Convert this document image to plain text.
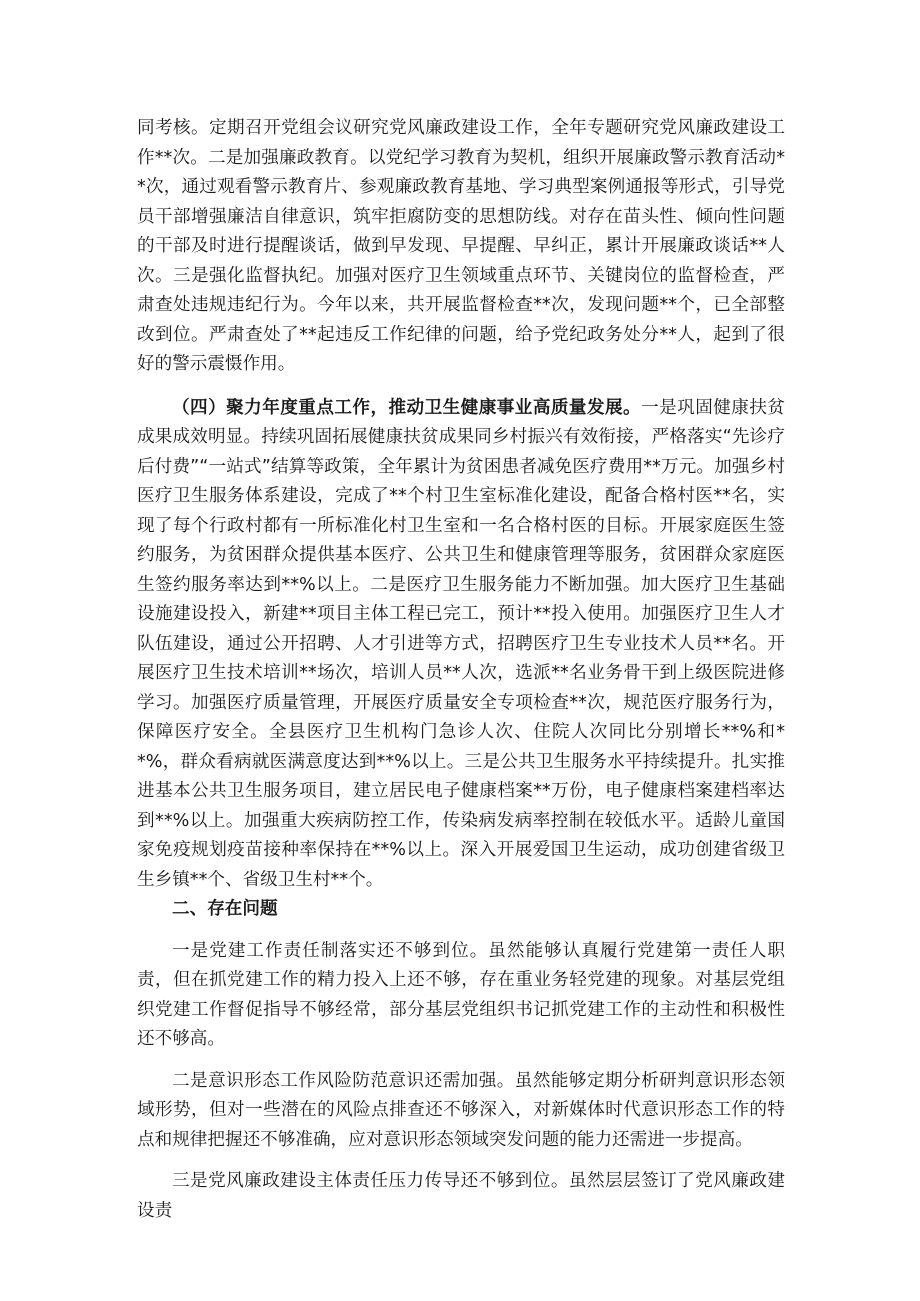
同考核。定期召开党组会议研究党风廉政建设工作，全年专题研究党风廉政建设工作**次。二是加强廉政教育。以党纪学习教育为契机，组织开展廉政警示教育活动**次，通过观看警示教育片、参观廉政教育基地、学习典型案例通报等形式，引导党员干部增强廉洁自律意识，筑牢拒腐防变的思想防线。对存在苗头性、倾向性问题的干部及时进行提醒谈话，做到早发现、早提醒、早纠正，累计开展廉政谈话**人次。三是强化监督执纪。加强对医疗卫生领域重点环节、关键岗位的监督检查，严肃查处违规违纪行为。今年以来，共开展监督检查**次，发现问题**个，已全部整改到位。严肃查处了**起违反工作纪律的问题，给予党纪政务处分**人，起到了很好的警示震慑作用。

（四）聚力年度重点工作，推动卫生健康事业高质量发展。一是巩固健康扶贫成果成效明显。持续巩固拓展健康扶贫成果同乡村振兴有效衔接，严格落实“先诊疗后付费”“一站式”结算等政策，全年累计为贫困患者减免医疗费用**万元。加强乡村医疗卫生服务体系建设，完成了**个村卫生室标准化建设，配备合格村医**名，实现了每个行政村都有一所标准化村卫生室和一名合格村医的目标。开展家庭医生签约服务，为贫困群众提供基本医疗、公共卫生和健康管理等服务，贫困群众家庭医生签约服务率达到**%以上。二是医疗卫生服务能力不断加强。加大医疗卫生基础设施建设投入，新建**项目主体工程已完工，预计**投入使用。加强医疗卫生人才队伍建设，通过公开招聘、人才引进等方式，招聘医疗卫生专业技术人员**名。开展医疗卫生技术培训**场次，培训人员**人次，选派**名业务骨干到上级医院进修学习。加强医疗质量管理，开展医疗质量安全专项检查**次，规范医疗服务行为，保障医疗安全。全县医疗卫生机构门急诊人次、住院人次同比分别增长**%和**%，群众看病就医满意度达到**%以上。三是公共卫生服务水平持续提升。扎实推进基本公共卫生服务项目，建立居民电子健康档案**万份，电子健康档案建档率达到**%以上。加强重大疾病防控工作，传染病发病率控制在较低水平。适龄儿童国家免疫规划疫苗接种率保持在**%以上。深入开展爱国卫生运动，成功创建省级卫生乡镇**个、省级卫生村**个。

二、存在问题

一是党建工作责任制落实还不够到位。虽然能够认真履行党建第一责任人职责，但在抓党建工作的精力投入上还不够，存在重业务轻党建的现象。对基层党组织党建工作督促指导不够经常，部分基层党组织书记抓党建工作的主动性和积极性还不够高。

二是意识形态工作风险防范意识还需加强。虽然能够定期分析研判意识形态领域形势，但对一些潜在的风险点排查还不够深入，对新媒体时代意识形态工作的特点和规律把握还不够准确，应对意识形态领域突发问题的能力还需进一步提高。

三是党风廉政建设主体责任压力传导还不够到位。虽然层层签订了党风廉政建设责
